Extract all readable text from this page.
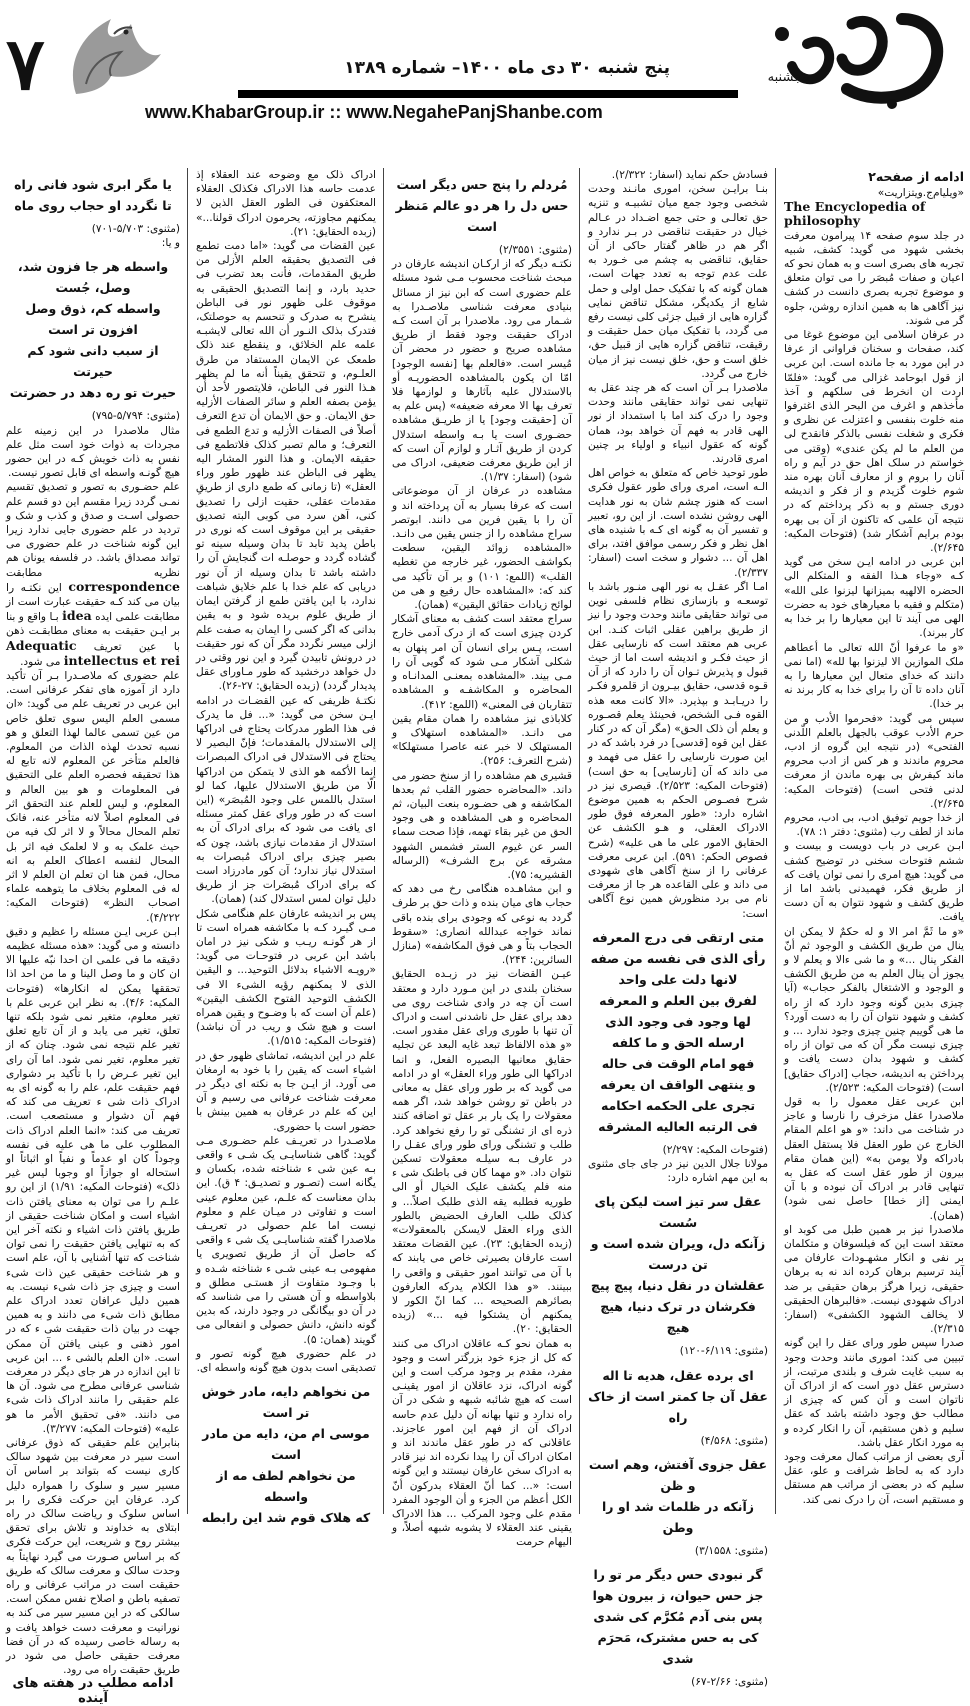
۷	پنجشنبه
پنج شنبه ۳۰ دی ماه ۱۴۰۰– شماره ۱۳۸۹
www.KhabarGroup.ir :: www.NegahePanjShanbe.com

ادامه از صفحه۲

«ویلیام‌ج.ویتزاریت»

The Encyclopedia of philosophy

در جلد سوم صفحه ۱۴ پیرامون معرفت بخشی شهود می گوید: کشف، شبیه تجربه های بصری است و به همان نحو که اعیان و صفات مُبصَر را می توان متعلق و موضوع تجربه بصری دانست در کشف نیز آگاهی ها به همین اندازه روشن، جلوه گر می شوند.

در عرفان اسلامی این موضوع غوغا می کند، صفحات و سخنان فراوانی از عرفا در این مورد به جا مانده است. ابن عربی از قول ابوحامد غزالی می گوید: «فلمّا اردت ان انخرط فی سلکهم و آخذ مأخذهم و اغرف من البحر الذی اغترفوا منه خلوت بنفسی و اعتزلت عن نظری و فکری و شغلت نفسی بالذکر فانقدح لی من العلم ما لم یکن عندی» (وقتی می خواستم در سلک اهل حق در آیم و راه آنان را بروم و از معارف آنان بهره مند شوم خلوت گزیدم و از فکر و اندیشه دوری جستم و به ذکر پرداختم که در نتیجه آن علمی که تاکنون از آن بی بهره بودم برایم آشکار شد) (فتوحات المکیه: ۲/۶۴۵).

ابن عربی در ادامه ایـن سخن می گوید کـه «وجاء هـذا الفقه و المتکلم الی الحضره الالهیه بمیزانها لیزنوا علی الله» (متکلم و فقیه با معیارهای خود به حضرت الهی می آیند تا این معیارها را بر خدا به کار ببرند).

«و ما عرفوا أنّ الله تعالی ما أعطاهم ملک الموازین الا لیزنوا بها لله» (اما نمی دانند که خدای متعال این معیارها را به آنان داده تا آن را برای خدا به کار برند نه بر خدا).

سپس می گوید: «فحرموا الأدب و من حرم الأدب عوقب بالجهل بالعلم اللّدنی الفتحی» (در نتیجه این گروه از ادب، محروم ماندند و هر کس از ادب محروم ماند کیفرش بی بهره ماندن از معرفت لدنی فتحی است) (فتوحات المکیه: ۲/۶۴۵).

از خدا جویم توفیق ادب، بی ادب، محروم ماند از لطف رب (مثنوی: دفتر ۱: ۷۸).

ابـن عربی در باب دویست و بیست و ششم فتوحات سخنی در توضیح کشف می گوید: هیچ امری را نمی توان یافت که از طریق فکر، فهمیدنی باشد اما از طریق کشف و شهود نتوان به آن دست یافت.

«و ما ثَمَّ امر الا و له حکمٌ لا یمکن ان ینال من طریق الکشف و الوجود ثم أنّ الفکر ینال ...» و ما شی ءالا و یعلم لا و یجوز أن ینال العلم به من طریق الکشف و الوجود و الاشتغال بالفکر حجاب» (آیا چیزی بدین گونه وجود دارد که از راه کشف و شهود نتوان آن را به دست آورد؟ ما هی گوییم چنین چیزی وجود ندارد ... و چیزی نیست مگر آن که می توان از راه کشف و شهود بدان دست یافت و پرداختن به اندیشه، حجاب [ادراک حقایق] است) (فتوحات المکیه: ۲/۵۲۳).

ابن عربی عقل معمول را به قول ملاصدرا عقل مزخرف را نارسا و عاجز در شناخت می داند: «و هو اعلم المقام الخارج عن طور العقل فلا یستقل العقل بادراکه ولا یومن به» (این همان مقام بیرون از طور عقل است که عقل به تنهایی قادر بر ادراک آن نبوده و با آن ایمنی [از خطا] حاصل نمی شود) (همان).

ملاصدرا نیز بر همین طبل می کوبد او معتقد است این که فیلسوفان و متکلمان بر نفی و انکار مشهـودات عارفان می آیند ترسیم برهان کرده اند نه به برهان حقیقی، زیرا هرگز برهان حقیقی بر ضد ادراک شهودی نیست. «فالبرهان الحقیقی لا یخالف الشهود الکشفی» (اسفار: ۲/۳۱۵).

صدرا سپس طور ورای عقل را این گونه تبیین می کند: اموری مانند وحدت وجود به سبب غایت شرف و بلندی مرتبت، از دسترس عقل دور است که از ادراک آن ناتوان است و آن کس که چیزی از مطالب حق وجود داشته باشد که عقل سلیم و ذهن مستقیم، آن را انکار کرده و به مورد انکار عقل باشد.

آری بعضی از مراتب کمال معرفت وجود دارد که به لحاظ شرافت و علو، عقل سلیم که در بعضی از مراتب هم مستقل و مستقیم است، آن را درک نمی کند.

فسادش حکم نماید (اسفار: ۲/۳۲۲).

بنـا برایـن سخن، اموری مانـند وحدت شخصی وجود جمع میان تشبیـه و تنزیه حق تعالـی و حتی جمع اضـداد در عـالم خیال در حقیقت تناقضی در بـر ندارد و اگر هم در ظاهر گفتار حاکی از آن حقایق، تناقضی به چشم می خـورد به علت عدم توجه به تعدد جهات است، همان گونه که با تفکیک حمل اولی و حمل شایع از یکدیگر، مشکل تناقض نمایی گزاره هایی از قبیل جزئی کلی نیست رفع می گردد، با تفکیک میان حمل حقیقت و رقیقت، تناقض گزاره هایی از قبیل حق، خلق است و حق، خلق نیست نیز از میان خارج می گردد.

ملاصدرا بـر آن است که هر چند عقل به تنهایی نمی تواند حقایقی مانند وحدت وجود را درک کند اما با استمداد از نور الهی قادر به فهم آن خواهد بود، همان گونه که عقول انبیاء و اولیاء بر چنین امری قادرند.

طور توحید خاص که متعلق به خواص اهل الـه است، امری ورای طور عقول فکری است که هنوز چشم شان به نور هدایت الهی روشن نشده است. از این رو، تعبیر و تفسیر آن به گونه ای کـه با شنیده های اهل نظر و فکر رسمی موافق افتد، برای اهل آن ... دشوار و سخت است (اسفار: ۲/۳۳۷).

امـا اگر عقـل به نور الهی منـور باشد با توسعـه و بازسازی نظام فلسفی نوین می تواند حقایقی مانند وحدت وجود را نیز از طریق براهین عقلی اثبات کنـد. ابن عربی هم معتقد است که نارسایی عقل از حیث فکـر و اندیشه است اما از حیث قبول و پذیرش تـوان آن را دارد که از آن قـوه قدسی، حقایق بیـرون از قلمرو فکـر را دریـابـد و بپذیرد. «الا کانت معه هذه القوه فـی الشخص، فحینئذ یعلم قصـوره و یعلم أن ذلک الحق» (مگر آن که در کنار عقل این قوه [قدسی] در فرد باشد که در این صورت نارسایی را عقل می فهمد و می داند که آن [نارسایی] به حق است) (فتوحات المکیه: ۲/۵۲۳). قیصری نیز در شرح فصـوص الحکم به همین موضوع اشاره دارد: «طور المعرفه فوق طور الادراک العقلی، و هـو الکشف عن الحقایق الامور علی ما هی علیه» (شرح فصوص الحکم: ۵۹۱). ابن عربی معرفت عرفانی را از سنخ آگاهی های شهودی می داند و علی القاعده هر جا از معرفت نام می برد منظورش همین نوع آگاهی است:

متی ارتقی فی درج المعرفه
رأی الذی فی نفسه من صفه
لانها دلت علی واحد
لفرق بین العلم و المعرفه
لها وجود فی وجود الذی
ارسله الحق و ما کلفه
فهو امام الوقت فی حاله
و ینتهی الواقف ان یعرفه
تجری علی الحکمه احکامه
فی الرتبه العالیه المشرقه

(فتوحات المکیه: ۲/۲۹۷)

مولانا جلال الدین نیز در جای جای مثنوی به این مهم اشاره دارد:

عقل سر تیز است لیکن پای سُست
زآنکه دل، ویران شده است و تن درست
عقلشان در نقل دنیا، پیچ پیچ
فکرشان در ترک دنیا، هیچ هیچ

(مثنوی: ۶/۱۱۹-۱۲۰)

ای برده عقل، هدیه تا اله
عقل آن جا کمتر است از خاک راه

(مثنوی: ۴/۵۶۸)

عقل جزوی آفتش، وهم است و ظن
زآنکه در ظلمات شد او را وطن

(مثنوی: ۳/۱۵۵۸)

گر نبودی حس دیگر مر تو را
جز حس حیوان، ز بیرون هوا
پس بنی آدم مُکرَّم کی شدی
کی به حس مشترک، مَحرَم شدی

(مثنوی: ۲/۶۶-۶۷)

مُردلم را پنج حس دیگر است
حس دل را هر دو عالم مَنظر است

(مثنوی: ۲/۳۵۵۱)

نکتـه دیگر که از ارکـان اندیشه عارفان در مبحث شناخت محسوب مـی شود مسئله علم حضوری است که ابن نیز از مسائل بنیادی معرفت شناسی ملاصـدرا به شـمار می رود. ملاصدرا بر آن است کـه ادراک حقیقت وجود فقط از طریق مشاهده صریح و حضور در محضر آن مُیسر است. «فالعلم بها [نفسه الوجود] امّا ان یکون بالمشاهده الحضوریـه أو بالاستدلال علیه بآثارها و لوازمها فلا تعرف بها الا معرفه ضعیفه» (پس علم به آن [حقیقت وجود] یا از طریـق مشاهده حضـوری است یا بـه واسطه استدلال کردن از طریق آثـار و لوازم آن است که از این طریق معرفت ضعیفی، ادراک می شود) (اسفار: ۱/۳۷).

مشاهده در عرفان از آن موضوعاتی است که عرفا بسیار به آن پرداخته اند و آن را با یقین فرین می دانند. ابوتصر سراج مشاهده را از جنس یقین می دانـد. «المشاهده زوائد الیقین، سطعت بکواشف الحضور، غیر خارجه من تغطیه القلب» (اللمع: ۱۰۱) و بر آن تأکید می کند که: «المشاهده حال رفیع و هی من لوائح زیادات حقائق الیقین» (همان).

سراج معتقد است کشف به معنای آشکار کردن چیزی است که از درک آدمی خارج است، پـس برای انسان آن امر پنهان به شکلی آشکار مـی شود که گویی آن را مـی بیند. «المشاهده بمعنـی المدانـاه و المحاضره و المکاشفـه و المشاهده تتقاربان فی المعنی» (اللمع: ۴۱۲).

کلاباذی نیز مشاهده را همان مقام یقین می دانـد. «المشاهده استهلاک و المستهلک لا خبر عنه عاصرا مستهلکا» (شرح التعرف: ۲۵۶).

قشیری هم مشاهده را از سنخ حضور می داند. «المحاضره حضور القلب ثم بعدها المکاشفه و هی حضـوره بنعت البیان، ثم المحاضره و هی المشاهده و هی وجود الحق من غیر بقاء تهمه، فإذا صحت سماء السر عن غیوم الستر فشمس الشهود مشرقه عن برج الشرف» (الرساله القشیریه: ۷۵).

و ابن مشاهـده هنگامی رخ می دهد که حجاب های میان بنده و ذات حق بر طرف گردد به نوعی که وجودی برای بنده باقی نماند خواجه عبدالله انصاری: «سقوط الحجاب بتاً و هی فوق المکاشفه» (منازل السائرین: ۲۴۴).

عیـن القضات نیز در زبـده الحقایق سخنان بلندی در این مـورد دارد و معتقد است آن چه در وادی شناخت روی می دهد برای عقل حل ناشدنی است و ادراک آن تنها با طوری ورای عقل مقدور است. «و هذه الالفاظ تبعد غایه البعد عن تجلیه حقایق معانیها البصیره الفعل، و انما ادراکها الی طور وراء العقل» او در ادامه می گوید که بر طور ورای عقل به معانی در باطن تو روشن خواهد شد، اگر همه معقولات را یک بار بر عقل تو اضافه کنند ذره ای از تشنگی تو را رفع نخواهد کرد. طلب و تشنگی ورای طور ورای عقـل را در عارف بـه سیلـه معقولات تسکین نتوان داد. «و مهما کان فی باطنک شی ء منه فلم یکشف علیک الخیال أو الی طوریه فطلبه یقه الذی طلبک اصلاً... و کذلک طلب العارف الحضیض بالطور الذی وراء العقل لایسکن بالمعقولات» (زبده الحقایق: ۲۳). عین القضات معتقد است عارفان بصیرتی خاص می یابند که با آن می توانند امور حقیقی و واقعی را ببینند. «و هذا الکلام یدرکه العارفون بصائرهم الصحیحه ... کما انّ الکور لا یمکنهم أن یشتکوا فیه ...» (زبده الحقایق: ۲۰).

به همان نحو کـه عاقلان ادراک می کنند که کل از جزء خود بزرگتر است و وجود مفرد، مقدم بر وجود مرکب است و این گونه ادراک، نزد عاقلان از امور یقینـی است که هیچ شائبه شبهه و شکی در آن راه ندارد و تنها بهانه آن دلیل عدم حاسه ادراک آن از فهم این امور عاجزند. عاقلانی که در طور عقل ماندند اند و امکان ادراک آن را پیدا نکرده اند نیز قادر به ادراک سخن عارفان نیستند و این گونه است: «... کما أنّ العقلاء بدرکون أنّ الکل أعظم من الجزء و أن الوجود المفرد مقدم علی وجود المرکب ... هذا الادراک یقینی عند العقلاء لا یشوبه شبهه أصلاً، و الیهام حرمت

ادراک ذلک مع وضوحه عند العقلاء إذ عدمت حاسه هذا الادراک فکذلک العقلاء المعتکفون فی الطور العقل الذین لا یمکنهم مجاوزته، یحرمون ادراک قولنا...» (زبده الحقایق: ۲۱).

عین القضات می گوید: «اما دمت تطمع فی التصدیق بحقیقه العلم الأزلی من طریق المقدمات، فأنت بعد تضرب فی حدید بارد، و إنما التصدیق الحقیقی به موقوف علی ظهور نور فی الباطن ینشرح به صدرک و تنحسم به حوصلتک، فتدرک بذلک النـور أن الله تعالی لایشبـه علمه علم الخلائق، و ینقطع عند ذلک طمعک عن الایمان المستفاد من طرق العلـوم، و تتحقق یقیناً أنه ما لم یظهر هـذا النور فی الباطن، فلایتصور لأحد أن یؤمن بصفه العلم و سائر الصفات الأزلیه حق الایمان. و حق الایمان أن تدع التعرف أصلاً فی الصفات الأزلیه و تدع الطمع فی التعرف؛ و مالم تصبر کذلک فلاتطمع فی حقیقه الایمان. و هذا النور المشار الیه یظهر فی الباطن عند ظهور طور وراء العقل» (تا زمانی که طمع داری از طریقِ مقدمات عقلی، حقیت ازلی را تصدیق کنی، آهن سرد می کوبی البته تصدیق حقیقی بر این موقوف است که نوری در باطن پدید تابد تا بدان وسیله سینه تو گشاده گردد و حوصلـه ات گنجایش آن را داشته باشد تا بدان وسیله از آن نور دریابی که علم خدا با علم خلایق شباهت ندارد، با این یافتن طمع از گرفتن ایمان از طریق علوم بریده شود و به یقین بدانی که اگر کسی را ایمان به صفت علم ازلی میسر نگردد مگر آن که نور حقیقت در درونش تابیدن گیرد و این نور وقتی در دل خواهد درخشید که طور مـاورای عقل پدیدار گردد) (زبده الحقایق: ۲۷-۲۶).

نکتـهٔ ظریفی که عین القضـات در ادامه ایـن سخن می گوید: «... فل ما یدرک فی هذا الطور مدرکات یحتاج فی ادراکها إلی الاستدلال بالمقدمات؛ فإنّ البصیر لا یحتاج فی الاستدلال فی ادراک المبصرات إنما الأکمه هو الذی لا یتمکن من ادراکها الّا من طریق الاستدلال علیها، کما لو استدل باللمس علی وجود المُبصَر» (این است که در طور ورای عقل کمتر مسئله ای یافت می شود که برای ادراک آن به استدلال از مقدمات نیازی باشد، چون که بصیر چیزی برای ادراک مُبصرات به استدلال نیاز ندارد؛ آن کور مادرزاد است که برای ادراک مُبصَرات جز از طریق دلیل توان لمس استدلال کند) (همان).

پس بر اندیشه عارفان علم هنگامی شکل مـی گیـرد کـه با مکاشفه همراه است تا از هر گونـه ریـب و شکی نیز در امان باشد ابن عربی در فتوحـات می گوید: «رویـه الاشیاء بدلائل التوحید... و الیقین الذی لا یمکنهم رؤیه الشیء الا فی الکشف التوحید الفتوح الکشف الیقین» (علم آن است که با وضـوح و یقین همراه است و هیچ شک و ریب در آن نباشد) (فتوحات المکیه: ۱/۵۱۵).

علم در این اندیشه، تماشای ظهور حق در اشیاء است که یقین را با خود به ارمغان می آورد. از ایـن جا به نکته ای دیگر در معرفت شناخت عرفانی می رسیم و آن این که علم در عرفان به همین بینش با حضور است با حضوری.

ملاصـدرا در تعریـف علم حضـوری مـی گوید: گاهی شناسایـی یک شـی ء واقعی بـه عین شی ء شناخته شده، بکسان و یگانه است (تصـور و تصدیـق: ۴ ق). این بدان معناست که علـم، عین معلوم عینی است و تفاوتی در میـان علم و معلوم نیست اما علم حصولی در تعریـف ملاصدرا گفته شناسایـی یک شی ء واقعی که حاصل آن از طریق تصویری یا مفهومی بـه عینی شـی ء شناخته شـده و با وجـود متفاوت از هستـی مطلق و بلاواسطه و آن هستی را می شناسد که در آن دو بیگانگی در وجود دارند، که بدین گونه دانش، دانش حصولی و انفعالی می گویند (همان: ۵).

در علم حضوری هیچ گونه تصور و تصدیقی است بدون هیچ گونه واسطه ای.

من نخواهم دایه، مادر خوش تر است
موسی ام من، دایه من مادر است
من نخواهم لطف مه از واسطه
که هلاک قوم شد این رابطه
یا مگر ابری شود فانی راه
تا نگردد او حجاب روی ماه

(مثنوی: ۵/۷۰۳-۷۰۱)

و یا:

واسطه هر جا فزون شد، وصل، جُست
واسطه کم، ذوق وصل افزون تر است
از سبب دانی شود کم حیرتت
حیرت تو ره دهد در حضرتت

(مثنوی: ۵/۷۹۴-۷۹۵)

مثال ملاصدرا در این زمینه علم مجردات به ذوات خود است مثل علم نفس به ذات خویش کـه در این حضور هیچ گونـه واسطه ای قابل تصور نیست.

علم حضـوری به تصور و تصدیق تقسیم نمـی گردد زیرا مقسم این دو قسم علم حصولی اسـت و صدق و کذب و شک و تردید در علم حضوری جایی ندارد زیرا این گونه شناخت در علم حضوری می تواند مصداق باشد. در فلسفه یونان هم نظریه مطابقت correspondence این نکتـه را بیان می کند کـه حقیقت عبارت است از مطابقت علمی ایده idea بـا واقع و بنا بر ایـن حقیقت به معنای مطابقـت ذهن با عین تعریف Adequatic intellectus et rei می شود.

علم حضوری که ملاصـدرا بـر آن تأکید دارد از آموزه های تفکر عرفانی است. ابن عربی در تعریف علم می گوید: «ان مسمی العلم الیس سوی تعلق خاص من عین تسمی عالما لهذا التعلق و هو نسبه تحدث لهذه الذات من المعلوم. فالعلم متأخر عن المعلوم لانه تابع له هذا تحقیقه فحصره العلم علی التحقیق فی المعلومات و هو بین العالم و المعلوم، و لیس للعلم عند التحقق اثر فی المعلوم اصلاً لانه متأخر عنه، فانک تعلم المحال محالاً و لا اثر لک فیه من حیث علمک به و لا لعلمک فیه اثر بل المحال لنفسه اعطاک العلم به انه محال، فمن هنا ان تعلم ان العلم لا اثر له فی المعلوم بخلاف ما یتوهمه علماء اصحاب النظر» (فتوحات المکیه: ۴/۲۲۲).

ابـن عربی ایـن مسئله را عظیم و دقیق دانسته و می گوید: «هذه مسئله عظیمه دقیقه ما فی علمی ان احدا نبّه علیها الا ان کان و ما وصل الینا و ما من احد اذا تحققها یمکن له انکارها» (فتوحات المکیه: ۴/۶). به نظر ابن عربی علم با تغیر معلوم، متغیر نمی شود بلکه تنها تعلق، تغیر می یابد و از آن تابع تعلق تغیر علم نتیجه نمی شود. چنان که از تغیر معلوم، تغیر نمی شود. اما آن رای این تغیر عـرض را با تأکید بر دشواری فهم حقیقت علم، علم را به گونه ای به ادراک ذات شی ء تعریف می کند که فهم آن دشوار و مستصعب است. تعریف می کند: «انما العلم ادراک ذات المطلوب علی ما هی علیه فی نفسه وجوداً کان او عدماً و نفیاً او اثباتاً او استحاله او جوازاً او وجوبا لیس غیر ذلک» (فتوحات المکیه: ۱/۹۱) از این رو علـم را می توان به معنای یافتن ذات اشیاء است و امکان شناخت حقیقی از طریق یافتن ذات اشیاء و نکته آخر این که به تنهایی یافتن حقیقت را نمی توان شناخت که تنها آشنایی با آن، علم است و هر شناخت حقیقی عین ذات شیء است و چیزی جز ذات شیء نیست. به همین دلیل عرافان تعدد ادراک علم مطابق ذات شیء می دانند و به همین جهت در بیان ذات حقیقت شی ء که در امور ذهنی و عینی یافتن آن ممکن است. «ان العلم بالشی ء ... ابن عربی تا این اندازه در هر جای دیگر در معرفت شناسی عرفانی مطرح می شود. آن ها علم حقیقی را مانند ادراک ذات شیء می دانند. «فی تحقیق الأمر ما هو علیه» (فتوحات المکیه: ۳/۲۷۷).

بنابراین علم حقیقی که ذوق عرفانی است سیر در معرفت بین شهود سالک کاری نیست که بتواند بر اساس آن مسیر سیر و سلوک را همواره دلیل کرد. عرفان این حرکت فکری را بر اساس سلوک و ریاضت سالک در راه ابتلای به خداوند و تلاش برای تحقق بیشتر روح و شریعت، این حرکت فکری که بر اساس صـورت می گیرد نهایتاً به وحدت سالک و معرفت سالک که طریق حقیقت است در مراتب عرفانی و راه تصفیه باطن و اصلاح نفس ممکن است. سالکی که در این مسیر سیر می کند به نورانیت و معرفت دست خواهد یافت و به رساله خاصی رسیده که در آن فضا معرفت حقیقی حاصل می شود در طریق حقیقت راه می رود.

ادامه مطلب در هفته های آینده
